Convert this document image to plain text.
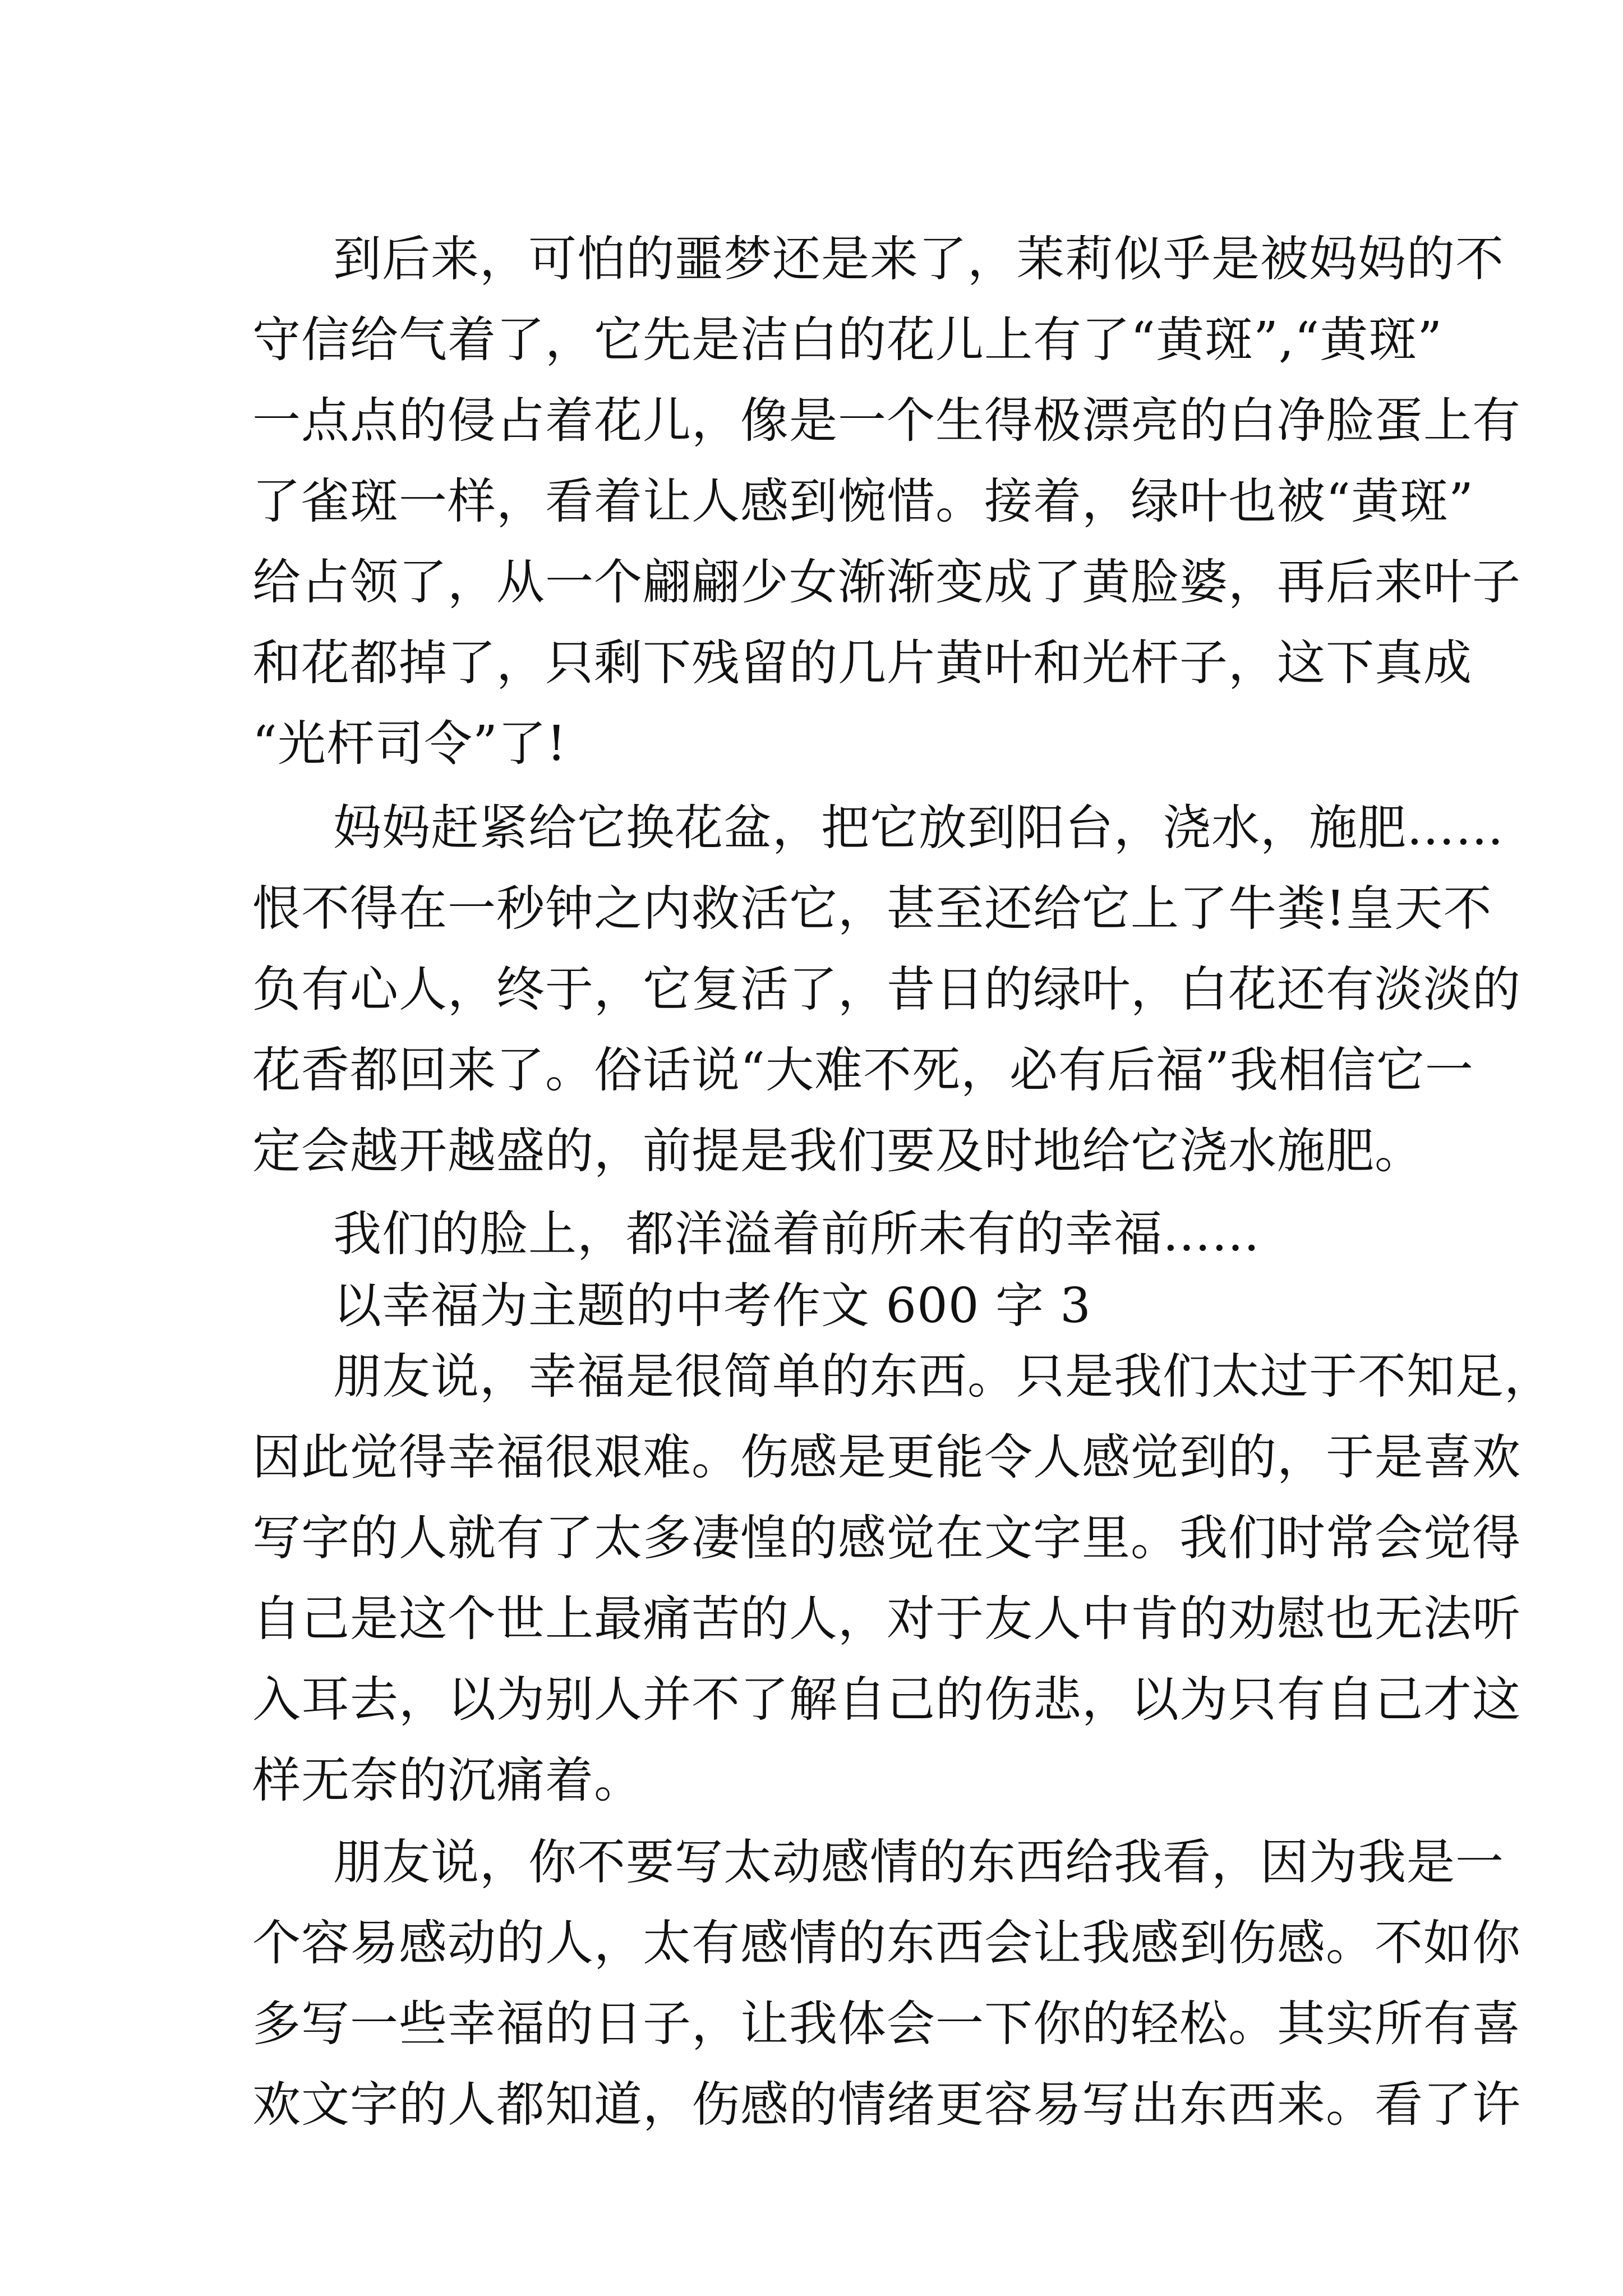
到后来，可怕的噩梦还是来了，茉莉似乎是被妈妈的不
守信给气着了，它先是洁白的花儿上有了“黄斑”,“黄斑”
一点点的侵占着花儿，像是一个生得极漂亮的白净脸蛋上有
了雀斑一样，看着让人感到惋惜。接着，绿叶也被“黄斑”
给占领了，从一个翩翩少女渐渐变成了黄脸婆，再后来叶子
和花都掉了，只剩下残留的几片黄叶和光杆子，这下真成
“光杆司令”了!
妈妈赶紧给它换花盆，把它放到阳台，浇水，施肥……
恨不得在一秒钟之内救活它，甚至还给它上了牛粪!皇天不
负有心人，终于，它复活了，昔日的绿叶，白花还有淡淡的
花香都回来了。俗话说“大难不死，必有后福”我相信它一
定会越开越盛的，前提是我们要及时地给它浇水施肥。
我们的脸上，都洋溢着前所未有的幸福……
以幸福为主题的中考作文 600 字 3
朋友说，幸福是很简单的东西。只是我们太过于不知足，
因此觉得幸福很艰难。伤感是更能令人感觉到的，于是喜欢
写字的人就有了太多凄惶的感觉在文字里。我们时常会觉得
自己是这个世上最痛苦的人，对于友人中肯的劝慰也无法听
入耳去，以为别人并不了解自己的伤悲，以为只有自己才这
样无奈的沉痛着。
朋友说，你不要写太动感情的东西给我看，因为我是一
个容易感动的人，太有感情的东西会让我感到伤感。不如你
多写一些幸福的日子，让我体会一下你的轻松。其实所有喜
欢文字的人都知道，伤感的情绪更容易写出东西来。看了许
